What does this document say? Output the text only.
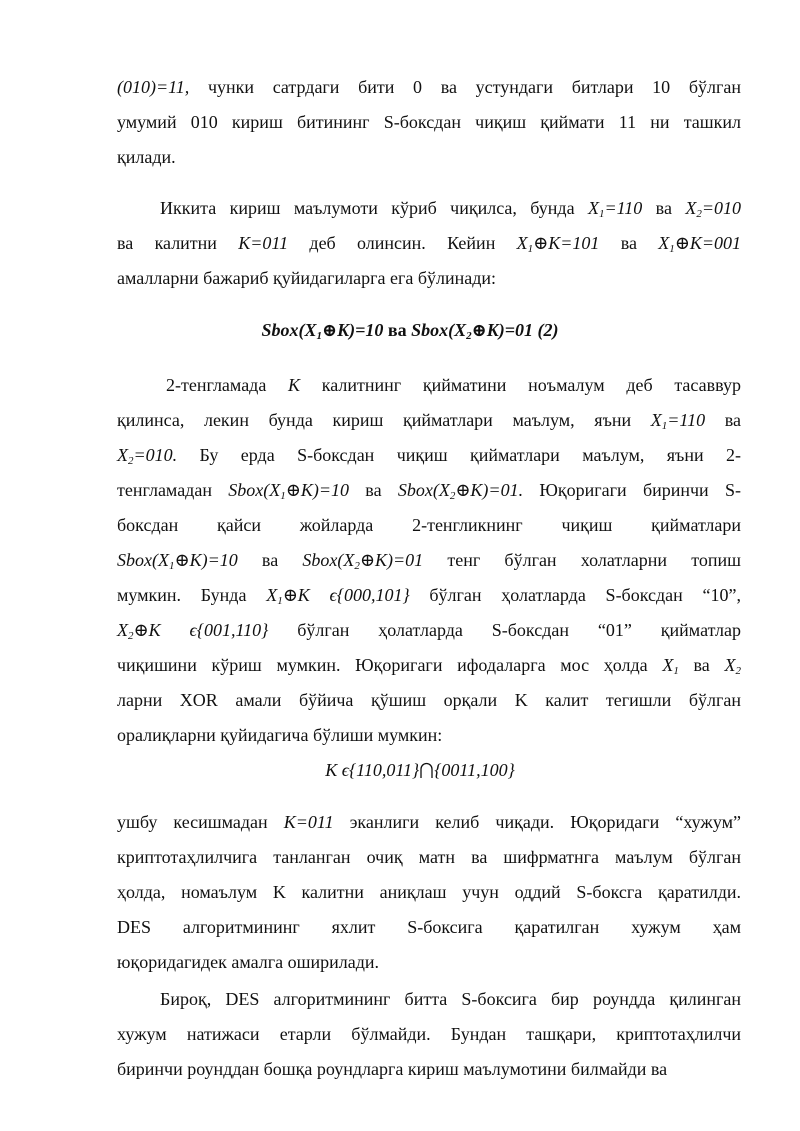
(010)=11, чунки сатрдаги бити 0 ва устундаги битлари 10 бўлган
умумий 010 кириш битининг S-боксдан чиқиш қиймати 11 ни ташкил
қилади.
Иккита кириш маълумоти кўриб чиқилса, бунда $X_1=110$ ва $X_2=010$
ва калитни K=011 деб олинсин. Кейин $X_1\oplus K=101$ ва $X_1\oplus K=001$
амалларни бажариб қуйидагиларга ега бўлинади:
$Sbox(X_1\oplus K)=10$ ва $Sbox(X_2\oplus K)=01$ (2)
2-тенгламада K калитнинг қийматини ноъмалум деб тасаввур
қилинса, лекин бунда кириш қийматлари маълум, яъни $X_1=110$ ва
$X_2=010$. Бу ерда S-боксдан чиқиш қийматлари маълум, яъни 2-
тенгламадан $Sbox(X_1\oplus K)=10$ ва $Sbox(X_2\oplus K)=01$. Юқоригаги биринчи S-
боксдан қайси жойларда 2-тенгликнинг чиқиш қийматлари
$Sbox(X_1\oplus K)=10$ ва $Sbox(X_2\oplus K)=01$ тенг бўлган холатларни топиш
мумкин. Бунда $X_1\oplus K$ ϵ{000,101} бўлган ҳолатларда S-боксдан “10”,
$X_2\oplus K$ ϵ{001,110} бўлган ҳолатларда S-боксдан “01” қийматлар
чиқишини кўриш мумкин. Юқоригаги ифодаларга мос ҳолда $X_1$ ва $X_2$
ларни XOR амали бўйича қўшиш орқали K калит тегишли бўлган
оралиқларни қуйидагича бўлиши мумкин:
K ϵ{110,011} {0011,100}
ушбу кесишмадан K=011 эканлиги келиб чиқади. Юқоридаги “хужум”
криптотаҳлилчига танланган очиқ матн ва шифрматнга маълум бўлган
ҳолда, номаълум K калитни аниқлаш учун оддий S-боксга қаратилди.
DES алгоритмининг яхлит S-боксига қаратилган хужум ҳам
юқоридагидек амалга оширилади.
Бироқ, DES алгоритмининг битта S-боксига бир роундда қилинган
хужум натижаси етарли бўлмайди. Бундан ташқари, криптотаҳлилчи
биринчи роунддан бошқа роундларга кириш маълумотини билмайди ва
